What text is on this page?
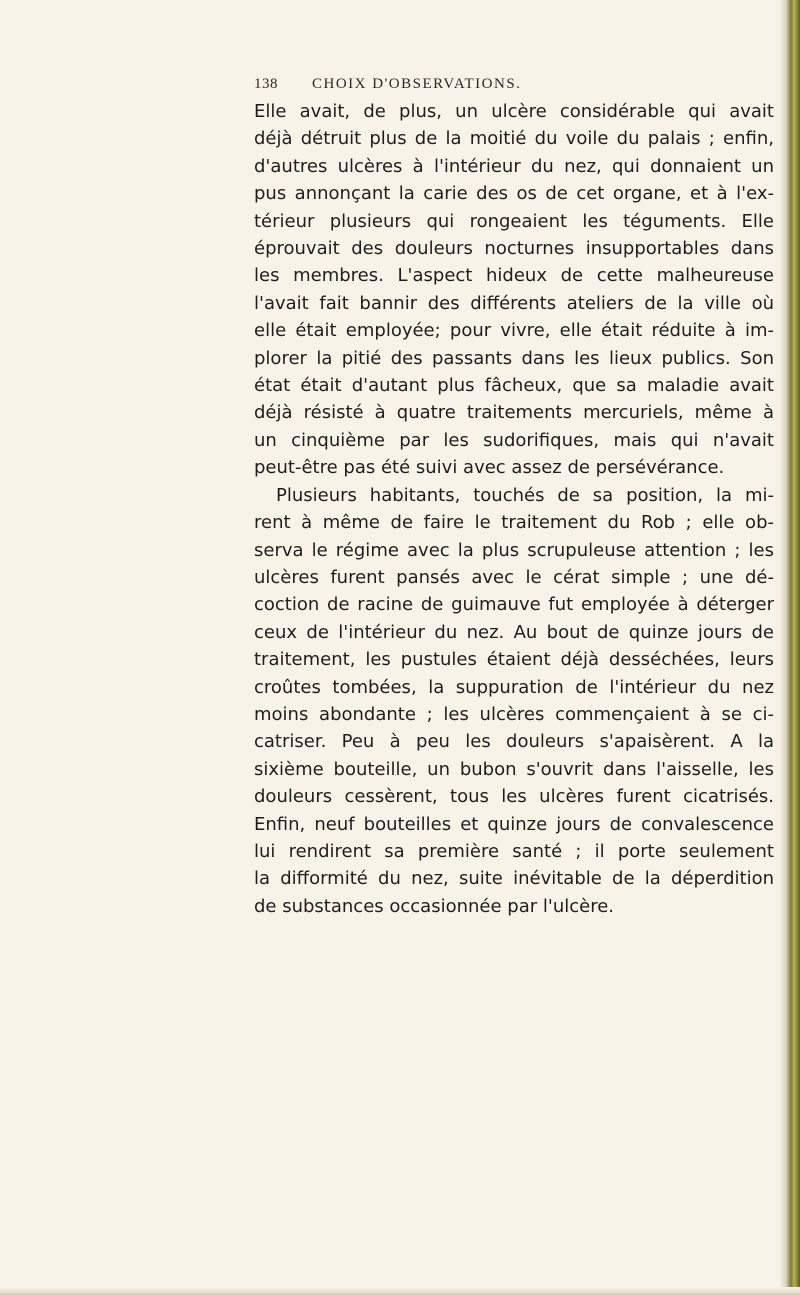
138 CHOIX D'OBSERVATIONS.
Elle avait, de plus, un ulcère considérable qui avait
déjà détruit plus de la moitié du voile du palais ; enfin,
d'autres ulcères à l'intérieur du nez, qui donnaient un
pus annonçant la carie des os de cet organe, et à l'ex-
térieur plusieurs qui rongeaient les téguments. Elle
éprouvait des douleurs nocturnes insupportables dans
les membres. L'aspect hideux de cette malheureuse
l'avait fait bannir des différents ateliers de la ville où
elle était employée; pour vivre, elle était réduite à im-
plorer la pitié des passants dans les lieux publics. Son
état était d'autant plus fâcheux, que sa maladie avait
déjà résisté à quatre traitements mercuriels, même à
un cinquième par les sudorifiques, mais qui n'avait
peut-être pas été suivi avec assez de persévérance.
Plusieurs habitants, touchés de sa position, la mi-
rent à même de faire le traitement du Rob ; elle ob-
serva le régime avec la plus scrupuleuse attention ; les
ulcères furent pansés avec le cérat simple ; une dé-
coction de racine de guimauve fut employée à déterger
ceux de l'intérieur du nez. Au bout de quinze jours de
traitement, les pustules étaient déjà desséchées, leurs
croûtes tombées, la suppuration de l'intérieur du nez
moins abondante ; les ulcères commençaient à se ci-
catriser. Peu à peu les douleurs s'apaisèrent. A la
sixième bouteille, un bubon s'ouvrit dans l'aisselle, les
douleurs cessèrent, tous les ulcères furent cicatrisés.
Enfin, neuf bouteilles et quinze jours de convalescence
lui rendirent sa première santé ; il porte seulement
la difformité du nez, suite inévitable de la déperdition
de substances occasionnée par l'ulcère.
